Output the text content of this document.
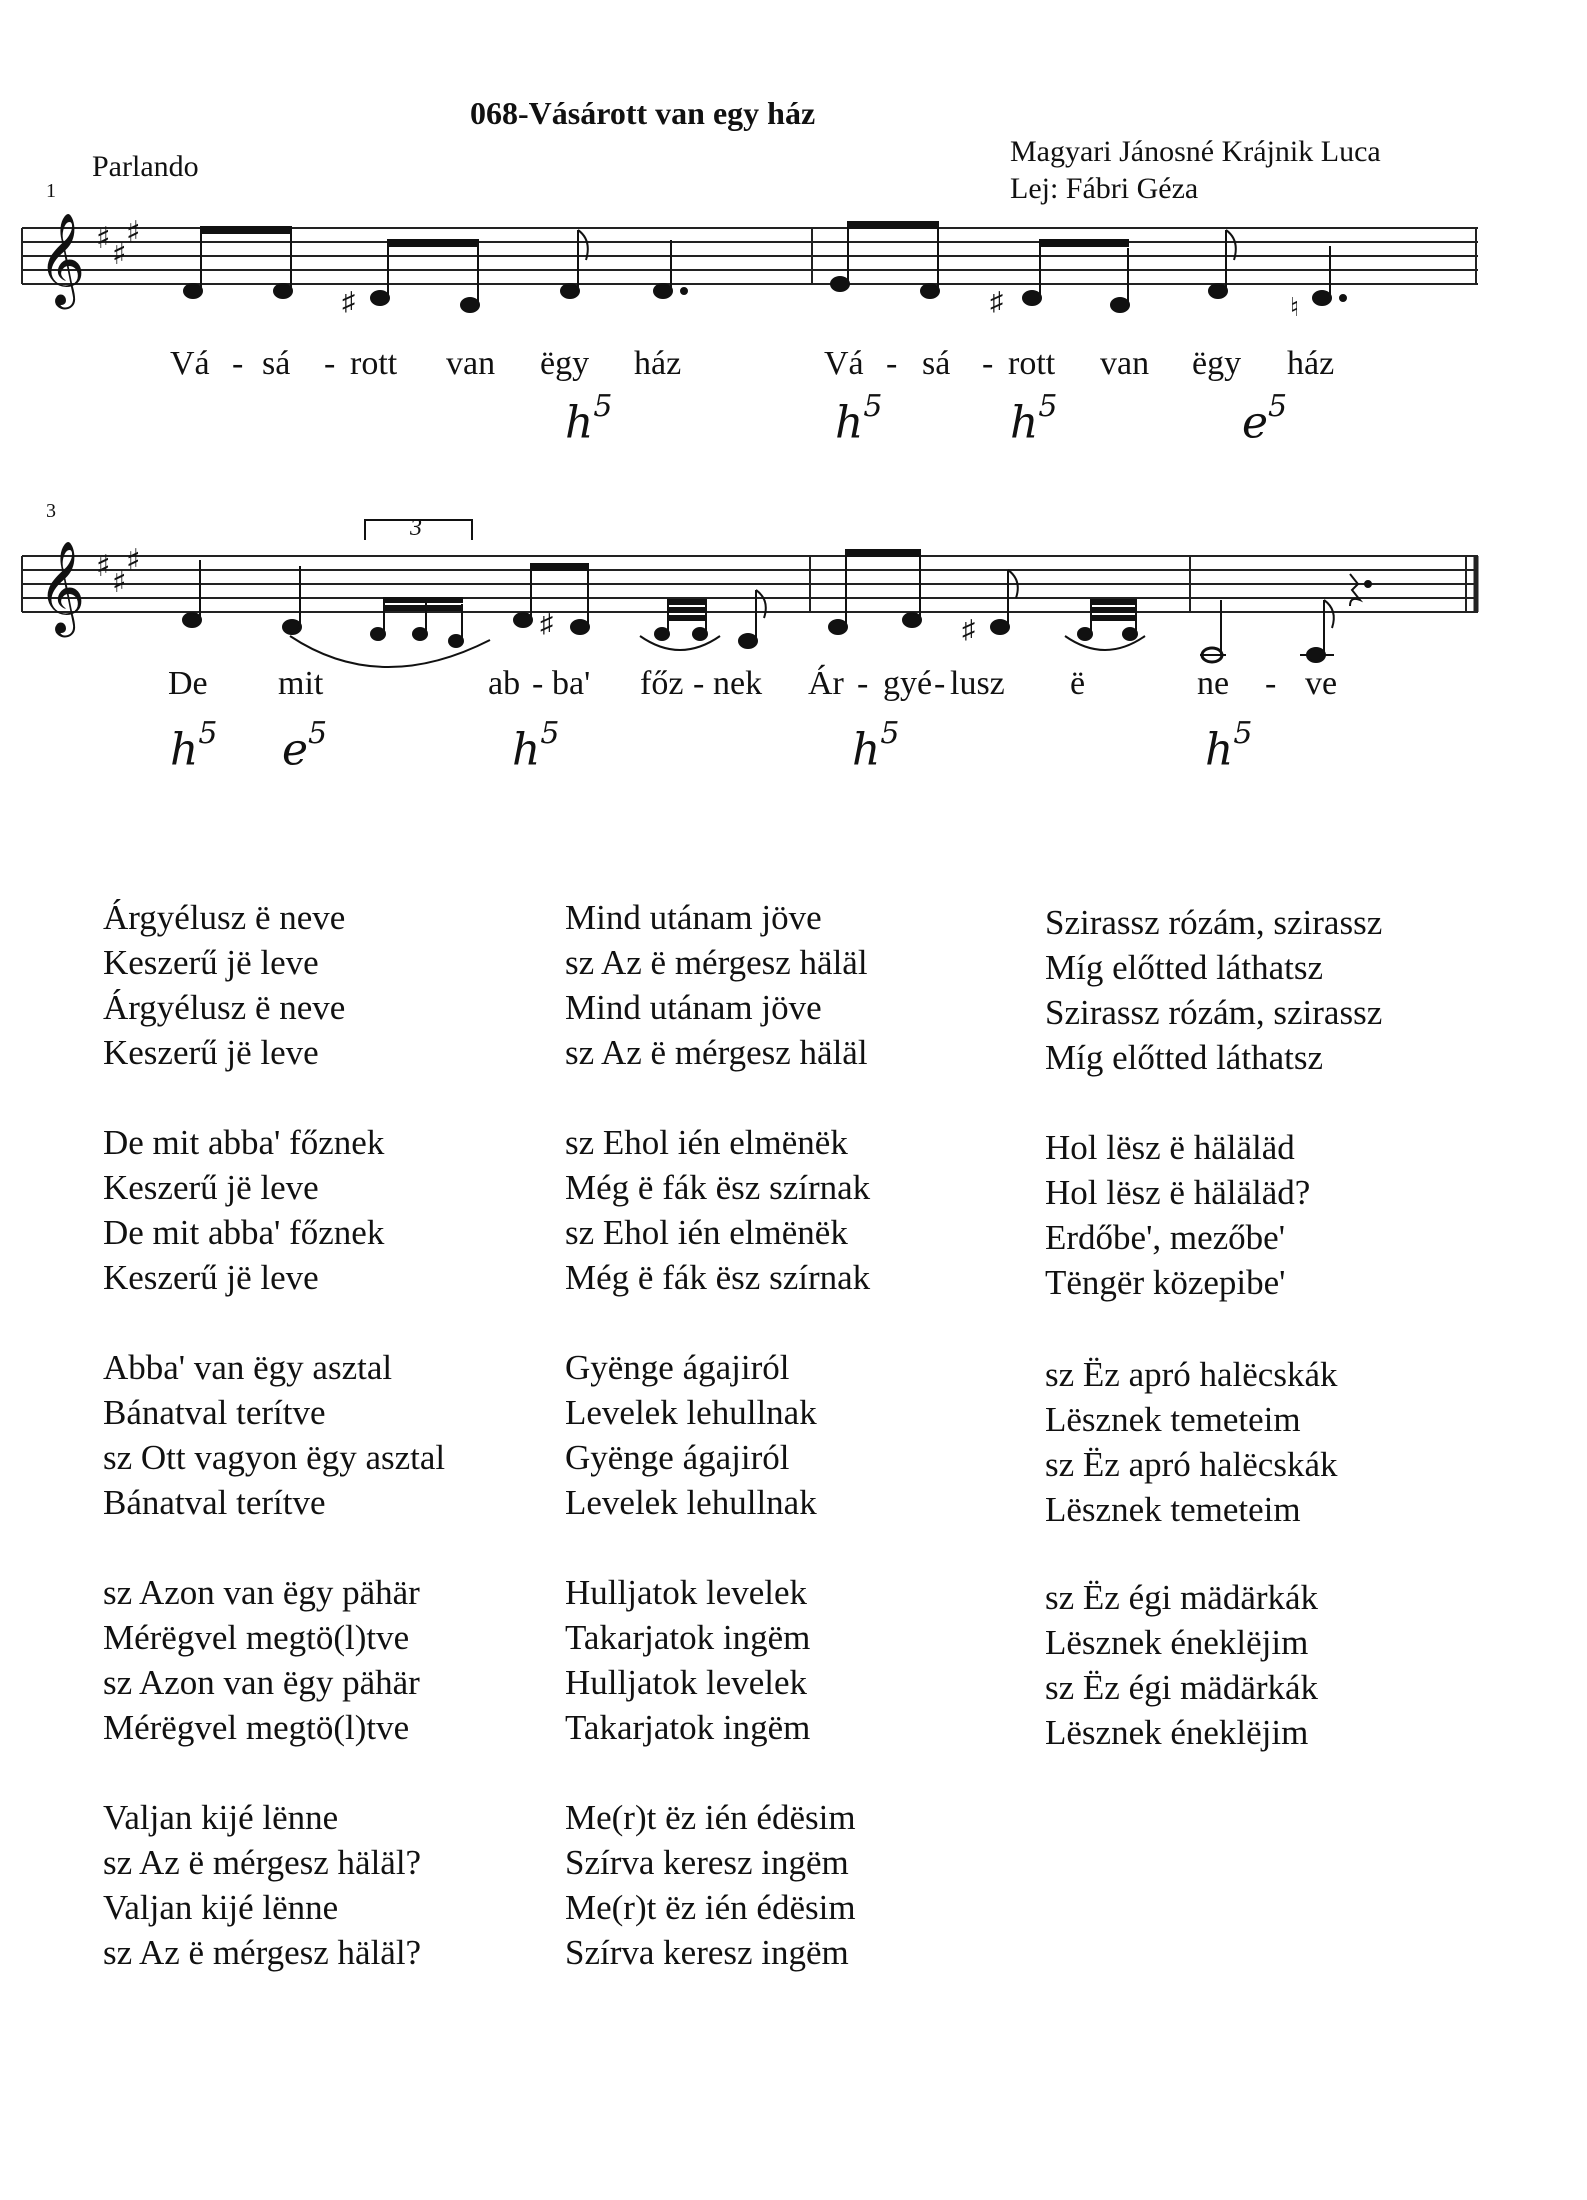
068-Vásárott van egy ház
Magyari Jánosné Krájnik Luca
Lej: Fábri Géza
Parlando
1
3
𝄞 ♯ ♯
♯
♯	♯	♮
Vá - sá - rott van ëgy ház	Vá - sá - rott van ëgy ház
$h^5$	$h^5$	$h^5$	$e^5$
𝄞 ♯ ♯
♯
3
♯	♯
De mit	ab - ba' főz - nek Ár - gyé - lusz ë	ne - ve
$h^5$ $e^5$	$h^5$	$h^5$	$h^5$
Árgyélusz ë neve
Keszerű jë leve
Árgyélusz ë neve
Keszerű jë leve
De mit abba' főznek
Keszerű jë leve
De mit abba' főznek
Keszerű jë leve
Abba' van ëgy asztal
Bánatval terítve
sz Ott vagyon ëgy asztal
Bánatval terítve
sz Azon van ëgy pähär
Mérëgvel megtö(l)tve
sz Azon van ëgy pähär
Mérëgvel megtö(l)tve
Valjan kijé lënne
sz Az ë mérgesz häläl?
Valjan kijé lënne
sz Az ë mérgesz häläl?
Mind utánam jöve
sz Az ë mérgesz häläl
Mind utánam jöve
sz Az ë mérgesz häläl
sz Ehol ién elmënëk
Még ë fák ësz szírnak
sz Ehol ién elmënëk
Még ë fák ësz szírnak
Gyënge ágajiról
Levelek lehullnak
Gyënge ágajiról
Levelek lehullnak
Hulljatok levelek
Takarjatok ingëm
Hulljatok levelek
Takarjatok ingëm
Me(r)t ëz ién édësim
Szírva keresz ingëm
Me(r)t ëz ién édësim
Szírva keresz ingëm
Szirassz rózám, szirassz
Míg előtted láthatsz
Szirassz rózám, szirassz
Míg előtted láthatsz
Hol lësz ë häläläd
Hol lësz ë häläläd?
Erdőbe', mezőbe'
Tëngër közepibe'
sz Ëz apró halëcskák
Lësznek temeteim
sz Ëz apró halëcskák
Lësznek temeteim
sz Ëz égi mädärkák
Lësznek éneklëjim
sz Ëz égi mädärkák
Lësznek éneklëjim
